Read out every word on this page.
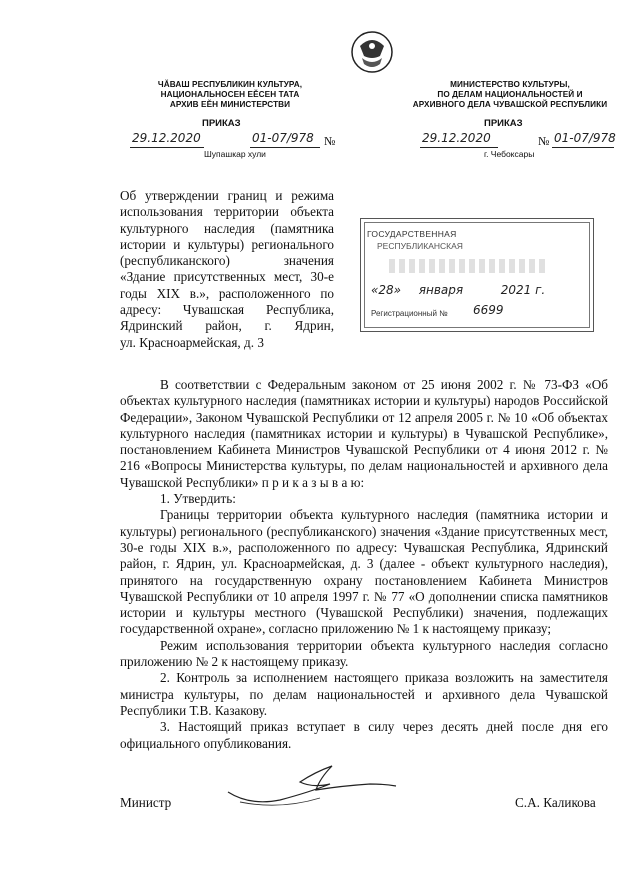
ЧĂВАШ РЕСПУБЛИКИН КУЛЬТУРА,
НАЦИОНАЛЬНОСЕН ЕĔСЕН ТАТА
АРХИВ ЕĔН МИНИСТЕРСТВИ
МИНИСТЕРСТВО КУЛЬТУРЫ,
ПО ДЕЛАМ НАЦИОНАЛЬНОСТЕЙ И
АРХИВНОГО ДЕЛА ЧУВАШСКОЙ РЕСПУБЛИКИ
ПРИКАЗ
29.12.2020	01-07/978 №
Шупашкар хули
ПРИКАЗ
29.12.2020	№ 01-07/978
г. Чебоксары
Об утверждении границ и режима
использования территории объекта
культурного наследия (памятника
истории и культуры) регионального
(республиканского) значения
«Здание присутственных мест, 30-е
годы XIX в.», расположенного по
адресу: Чувашская Республика,
Ядринский район, г. Ядрин,
ул. Красноармейская, д. 3
ГОСУДАРСТВЕННАЯ
РЕСПУБЛИКАНСКАЯ
«28» января	2021 г.
Регистрационный № 6699

В соответствии с Федеральным законом от 25 июня 2002 г. № 73-ФЗ «Об объектах культурного наследия (памятниках истории и культуры) народов Российской Федерации», Законом Чувашской Республики от 12 апреля 2005 г. № 10 «Об объектах культурного наследия (памятниках истории и культуры) в Чувашской Республике», постановлением Кабинета Министров Чувашской Республики от 4 июня 2012 г. № 216 «Вопросы Министерства культуры, по делам национальностей и архивного дела Чувашской Республики» п р и к а з ы в а ю:

1. Утвердить:

Границы территории объекта культурного наследия (памятника истории и культуры) регионального (республиканского) значения «Здание присутственных мест, 30-е годы XIX в.», расположенного по адресу: Чувашская Республика, Ядринский район, г. Ядрин, ул. Красноармейская, д. 3 (далее - объект культурного наследия), принятого на государственную охрану постановлением Кабинета Министров Чувашской Республики от 10 апреля 1997 г. № 77 «О дополнении списка памятников истории и культуры местного (Чувашской Республики) значения, подлежащих государственной охране», согласно приложению № 1 к настоящему приказу;

Режим использования территории объекта культурного наследия согласно приложению № 2 к настоящему приказу.

2. Контроль за исполнением настоящего приказа возложить на заместителя министра культуры, по делам национальностей и архивного дела Чувашской Республики Т.В. Казакову.

3. Настоящий приказ вступает в силу через десять дней после дня его официального опубликования.

Министр	С.А. Каликова
